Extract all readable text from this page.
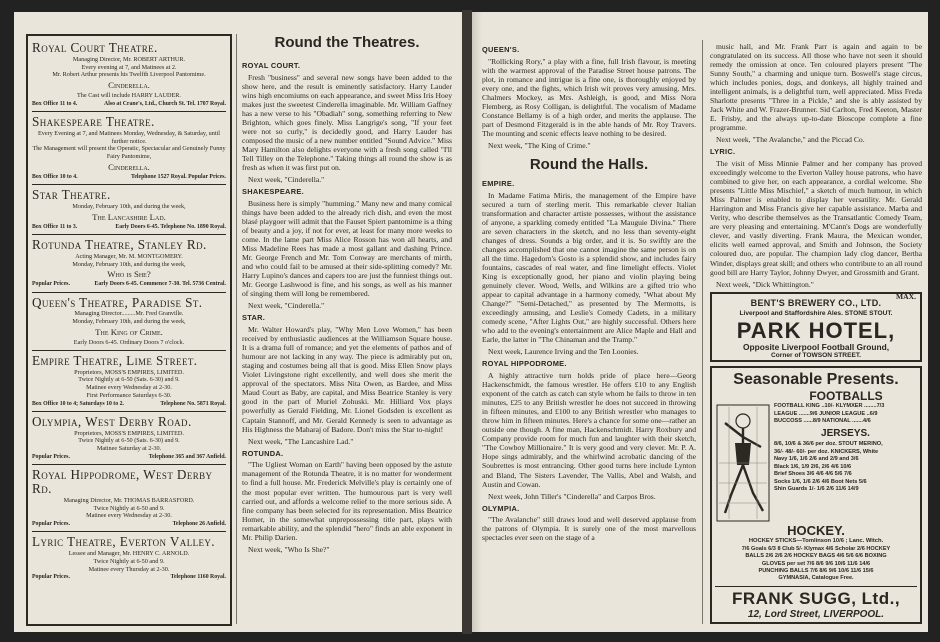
Royal Court Theatre.
Managing Director, Mr. ROBERT ARTHUR.
Every evening at 7, and Matinees at 2.
Mr. Robert Arthur presents his Twelfth Liverpool Pantomime.
Cinderella.
The Cast will include HARRY LAUDER.
Box Office 11 to 4.	Also at Crane's, Ltd., Church St. Tel. 1707 Royal.
Shakespeare Theatre.
Every Evening at 7, and Matinees Monday, Wednesday, & Saturday, until further notice.
The Management will present the Operatic, Spectacular and Genuinely Funny Fairy Pantomime,
Cinderella.
Box Office 10 to 4.	Telephone 1527 Royal. Popular Prices.
Star Theatre.
Monday, February 10th, and during the week,
The Lancashire Lad.
Box Office 11 to 3.	Early Doors 6-45. Telephone No. 1890 Royal.
Rotunda Theatre, Stanley Rd.
Acting Manager, Mr. M. MONTGOMERY.
Monday, February 10th, and during the week,
Who is She?
Popular Prices.	Early Doors 6-45. Commence 7-30. Tel. 5736 Central.
Queen's Theatre, Paradise St.
Managing Director.........Mr. Fred Granville.
Monday, February 10th, and during the week,
The King of Crime.
Early Doors 6-45. Ordinary Doors 7 o'clock.
Empire Theatre, Lime Street.
Proprietors, MOSS'S EMPIRES, LIMITED.
Twice Nightly at 6-50 (Sats. 6-30) and 9.
Matinee every Wednesday at 2-30.
First Performance Saturdays 6-30.
Box Office 10 to 4; Saturdays 10 to 2.	Telephone No. 5871 Royal.
Olympia, West Derby Road.
Proprietors, MOSS'S EMPIRES, LIMITED.
Twice Nightly at 6-50 (Sats. 6-30) and 9.
Matinee Saturday at 2-30.
Popular Prices.	Telephone 365 and 367 Anfield.
Royal Hippodrome, West Derby Rd.
Managing Director, Mr. THOMAS BARRASFORD.
Twice Nightly at 6-50 and 9.
Matinee every Wednesday at 2-30.
Popular Prices.	Telephone 26 Anfield.
Lyric Theatre, Everton Valley.
Lessee and Manager, Mr. HENRY C. ARNOLD.
Twice Nightly at 6-50 and 9.
Matinee every Thursday at 2-30.
Popular Prices.	Telephone 1160 Royal.
Round the Theatres.
ROYAL COURT.

Fresh "business" and several new songs have been added to the show here, and the result is eminently satisfactory. Harry Lauder wins high encomiums on each appearance, and sweet Miss Iris Hoey makes just the sweetest Cinderella imaginable. Mr. William Gaffney has a new verse to his "Obadiah" song, something referring to New Brighton, which goes finely. Miss Langrige's song, "If your feet were not so curly," is decidedly good, and Harry Lauder has composed the music of a new number entitled "Sound Advice." Miss Mary Hamilton also delights everyone with a fresh song called "I'll Tell Tilley on the Telephone." Taking things all round the show is as fresh as when it was first put on.

Next week, "Cinderella."

SHAKESPEARE.

Business here is simply "humming." Many new and many comical things have been added to the already rich dish, and even the most blasé playgoer will admit that the Fauset Spiert pantomime is a thing of beauty and a joy, if not for ever, at least for many more weeks to come. In the lame part Miss Alice Rosson has won all hearts, and Miss Madeline Rees has made a most gallant and dashing Prince. Mr. George French and Mr. Tom Conway are merchants of mirth, and who could fail to be amused at their side-splitting comedy? Mr. Harry Lupino's dances and capers too are just the funniest things out. Mr. George Lashwood is fine, and his songs, as well as his manner of singing them will long be remembered.

Next week, "Cinderella."

STAR.

Mr. Walter Howard's play, "Why Men Love Women," has been received by enthusiastic audiences at the Williamson Square house. It is a drama full of romance; and yet the elements of pathos and of humour are not lacking in any way. The piece is admirably put on, staging and costumes being all that is good. Miss Ellen Snow plays Violet Livingstone right excellently, and well does she merit the approval of the spectators. Miss Nita Owen, as Bardee, and Miss Maud Court as Baby, are capital, and Miss Beatrice Stanley is very good in the part of Muriel Zohuski. Mr. Hilliard Vox plays powerfully as Gerald Fielding, Mr. Lionel Godsden is excellent as Captain Stannoff, and Mr. Gerald Kennedy is seen to advantage as His Highness the Maharaj of Badore. Don't miss the Star to-night!

Next week, "The Lancashire Lad."

ROTUNDA.

"The Ugliest Woman on Earth" having been opposed by the astute management of the Rotunda Theatre, it is no matter for wonderment to find a full house. Mr. Frederick Melville's play is certainly one of the most popular ever written. The humourous part is very well carried out, and affords a welcome relief to the more serious side. A fine company has been selected for its representation. Miss Beatrice Homer, in the somewhat unprepossessing title part, plays with remarkable ability, and the splendid "hero" finds an able exponent in Mr. Philip Darien.

Next week, "Who Is She?"

QUEEN'S.

"Rollicking Rory," a play with a fine, full Irish flavour, is meeting with the warmest approval of the Paradise Street house patrons. The plot, in romance and intrigue is a fine one, is thoroughly enjoyed by every one, and the fights, which Irish wit proves very amusing. Mrs. Chalmers Mockey, as Mrs. Ashleigh, is good, and Miss Nora Flemberg, as Rosy Colligan, is delightful. The vocalism of Madame Constance Bellamy is of a high order, and merits the applause. The part of Desmond Fitzgerald is in the able hands of Mr. Roy Travers. The mounting and scenic effects leave nothing to be desired.

Next week, "The King of Crime."

Round the Halls.
EMPIRE.

In Madame Fatima Miris, the management of the Empire have secured a turn of sterling merit. This remarkable clever Italian transformation and character artiste possesses, without the assistance of anyone, a sparkling comedy entitled "La Mauguie Divina." There are seven characters in the sketch, and no less than seventy-eight changes of dress. Sounds a big order, and it is. So swiftly are the changes accomplished that one cannot imagine the same person is on all the time. Hagedorn's Gosto is a splendid show, and includes fairy fountains, cascades of real water, and fine limelight effects. Violet King is exceptionally good, her piano and violin playing being genuinely clever. Wood, Wells, and Wilkins are a gifted trio who appear to capital advantage in a harmony comedy, "What about My Change?" "Semi-Detached," as presented by The Mermotts, is exceedingly amusing, and Leslie's Comedy Cadets, in a military comedy scene, "After Lights Out," are highly successful. Others here who add to the evening's entertainment are Alice Maple and Hall and Earle, the latter in "The Chinaman and the Tramp."

Next week, Laurence Irving and the Ten Loonies.

ROYAL HIPPODROME.

A highly attractive turn holds pride of place here—Georg Hackenschmidt, the famous wrestler. He offers £10 to any English exponent of the catch as catch can style whom he fails to throw in ten minutes, £25 to any British wrestler he does not succeed in throwing in fifteen minutes, and £100 to any British wrestler who manages to throw him in fifteen minutes. Here's a chance for some one—rather an outside one though. A fine man, Hackenschmidt. Harry Roxbury and Company provide room for much fun and laughter with their sketch, "The Cowboy Millionaire." It is very good and very clever. Mr. P. A. Hope sings admirably, and the whirlwind acrobatic dancing of the Soubrettes is most entrancing. Other good turns here include Lynton and Bland, The Sisters Lavender, The Vallis, Abel and Walsh, and Austin and Cowan.

Next week, John Tiller's "Cinderella" and Carpos Bros.

OLYMPIA.

"The Avalanche" still draws loud and well deserved applause from the patrons of Olympia. It is surely one of the most marvellous spectacles ever seen on the stage of a

music hall, and Mr. Frank Parr is again and again to be congratulated on its success. All those who have not seen it should remedy the omission at once. Ten coloured players present "The Sunny South," a charming and unique turn. Boswell's stage circus, which includes ponies, dogs, and donkeys, all highly trained and intelligent animals, is a delightful turn, well appreciated. Miss Freda Sharlotte presents "Three in a Pickle," and she is ably assisted by Jack White and W. Frazer-Brunner. Sid Carlton, Fred Keeton, Master E. Frisby, and the always up-to-date Bioscope complete a fine programme.

Next week, "The Avalanche," and the Piccad Co.

LYRIC.

The visit of Miss Minnie Palmer and her company has proved exceedingly welcome to the Everton Valley house patrons, who have combined to give her, on each appearance, a cordial welcome. She presents "Little Miss Mischief," a sketch of much humour, in which Miss Palmer is enabled to display her versatility. Mr. Gerald Harrington and Miss Francis give her capable assistance. Marba and Verity, who describe themselves as the Transatlantic Comedy Team, are very pleasing and entertaining. M'Cann's Dogs are wonderfully clever, and vastly diverting. Frank Maura, the Mexican wonder, elicits well earned approval, and Smith and Johnson, the Society coloured duo, are popular. The champion lady clog dancer, Bertha Winder, displays great skill; and others who contribute to an all round good bill are Harry Taylor, Johnny Dwyer, and Grossmith and Grant.

Next week, "Dick Whittington."

MAX.
BENT'S BREWERY CO., LTD.
Liverpool and Staffordshire Ales. STONE STOUT.
PARK HOTEL,
Opposite Liverpool Football Ground,
Corner of TOWSON STREET.
Seasonable Presents.
FOOTBALLS
FOOTBALL KING ..10/- KLYMXER ........7/3
LEAGUE .......9/6 JUNIOR LEAGUE ..6/9
BUCCOSS ......8/9 NATIONAL .......4/6
JERSEYS.
8/6, 10/6 & 36/6 per doz. STOUT MERINO,
36/- 48/- 60/- per doz. KNICKERS, White
Navy 1/6, 1/6 2/6 and 2/9 and 3/6
Black 1/6, 1/9 2/6, 2/6 4/6 10/6
Brief Shoes 3/6 4/6 4/6 5/6 7/6
Socks 1/6, 1/6 2/6 4/6 Boot Nets 5/6
Shin Guards 1/- 1/6 2/6 11/6 14/9
HOCKEY.
HOCKEY STICKS—Tomlinson 10/6 ; Lanc. Witch.
7/6 Goals 6/3 8 Club 5/- Klymax 4/6 Scholar 2/6 HOCKEY
BALLS 2/6 2/6 2/6 HOCKEY BAGS 4/6 5/6 6/6 BOXING
GLOVES per set 7/6 8/6 9/6 10/6 11/6 14/6
PUNCHING BALLS 7/6 8/6 9/6 10/6 11/6 15/6
GYMNASIA, Catalogue Free.
FRANK SUGG, Ltd.,
12, Lord Street, LIVERPOOL.
